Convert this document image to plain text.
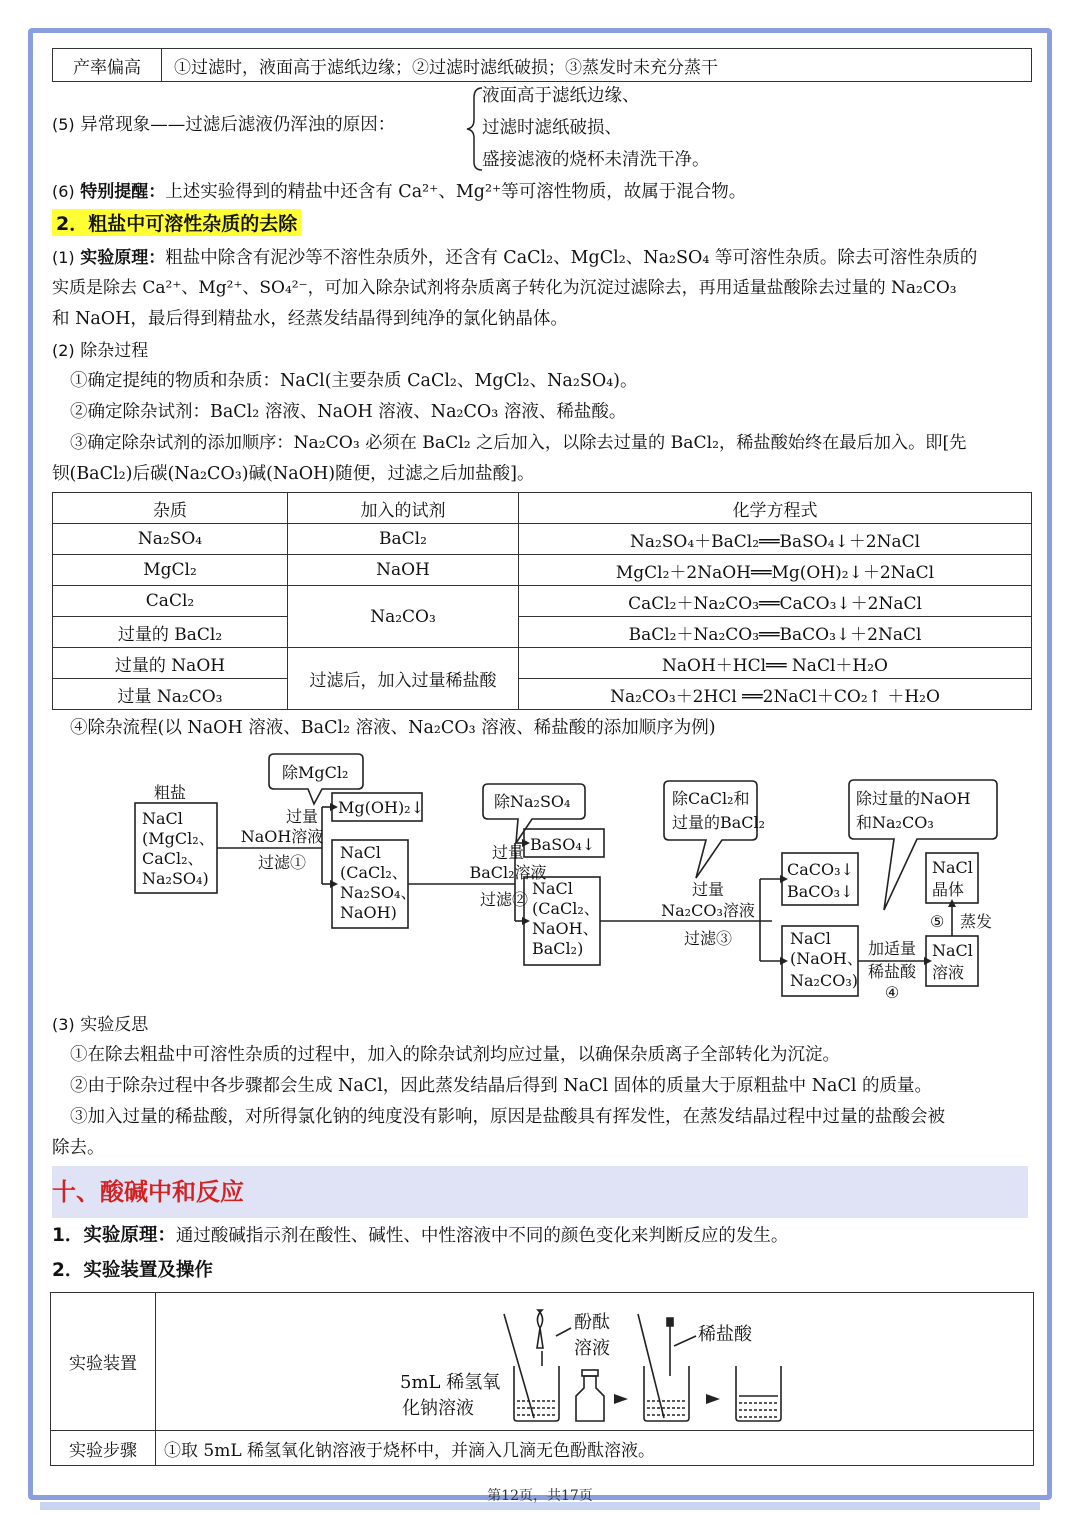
产率偏高	①过滤时，液面高于滤纸边缘；②过滤时滤纸破损；③蒸发时未充分蒸干
(5) 异常现象——过滤后滤液仍浑浊的原因：
液面高于滤纸边缘、
过滤时滤纸破损、
盛接滤液的烧杯未清洗干净。
(6) 特别提醒：上述实验得到的精盐中还含有 Ca²⁺、Mg²⁺等可溶性物质，故属于混合物。
2．粗盐中可溶性杂质的去除
(1) 实验原理：粗盐中除含有泥沙等不溶性杂质外，还含有 CaCl₂、MgCl₂、Na₂SO₄ 等可溶性杂质。除去可溶性杂质的
实质是除去 Ca²⁺、Mg²⁺、SO₄²⁻，可加入除杂试剂将杂质离子转化为沉淀过滤除去，再用适量盐酸除去过量的 Na₂CO₃
和 NaOH，最后得到精盐水，经蒸发结晶得到纯净的氯化钠晶体。
(2) 除杂过程
①确定提纯的物质和杂质：NaCl(主要杂质 CaCl₂、MgCl₂、Na₂SO₄)。
②确定除杂试剂：BaCl₂ 溶液、NaOH 溶液、Na₂CO₃ 溶液、稀盐酸。
③确定除杂试剂的添加顺序：Na₂CO₃ 必须在 BaCl₂ 之后加入，以除去过量的 BaCl₂，稀盐酸始终在最后加入。即[先
钡(BaCl₂)后碳(Na₂CO₃)碱(NaOH)随便，过滤之后加盐酸]。
杂质	加入的试剂	化学方程式
Na₂SO₄	BaCl₂	Na₂SO₄＋BaCl₂══BaSO₄↓＋2NaCl
MgCl₂	NaOH	MgCl₂＋2NaOH══Mg(OH)₂↓＋2NaCl
CaCl₂	Na₂CO₃	CaCl₂＋Na₂CO₃══CaCO₃↓＋2NaCl
过量的 BaCl₂		BaCl₂＋Na₂CO₃══BaCO₃↓＋2NaCl
过量的 NaOH	过滤后，加入过量稀盐酸	NaOH＋HCl══ NaCl＋H₂O
过量 Na₂CO₃		Na₂CO₃＋2HCl ══2NaCl＋CO₂↑ ＋H₂O
④除杂流程(以 NaOH 溶液、BaCl₂ 溶液、Na₂CO₃ 溶液、稀盐酸的添加顺序为例)
粗盐
NaCl
(MgCl₂、
CaCl₂、
Na₂SO₄)
除MgCl₂
过量
NaOH溶液
过滤①
Mg(OH)₂↓
NaCl
(CaCl₂、
Na₂SO₄、
NaOH)
除Na₂SO₄
过量
BaCl₂溶液
过滤②
BaSO₄↓
NaCl
(CaCl₂、
NaOH、
BaCl₂)
除CaCl₂和
过量的BaCl₂
过量
Na₂CO₃溶液
过滤③
CaCO₃↓
BaCO₃↓
NaCl
(NaOH、
Na₂CO₃)
除过量的NaOH
和Na₂CO₃
加适量
稀盐酸
④
NaCl
溶液
⑤ 蒸发
NaCl
晶体
(3) 实验反思
①在除去粗盐中可溶性杂质的过程中，加入的除杂试剂均应过量，以确保杂质离子全部转化为沉淀。
②由于除杂过程中各步骤都会生成 NaCl，因此蒸发结晶后得到 NaCl 固体的质量大于原粗盐中 NaCl 的质量。
③加入过量的稀盐酸，对所得氯化钠的纯度没有影响，原因是盐酸具有挥发性，在蒸发结晶过程中过量的盐酸会被
除去。
十、酸碱中和反应
1．实验原理：通过酸碱指示剂在酸性、碱性、中性溶液中不同的颜色变化来判断反应的发生。
2．实验装置及操作
实验装置	酚酞
溶液
稀盐酸
5mL 稀氢氧
化钠溶液

实验步骤	①取 5mL 稀氢氧化钠溶液于烧杯中，并滴入几滴无色酚酞溶液。
第12页，共17页
